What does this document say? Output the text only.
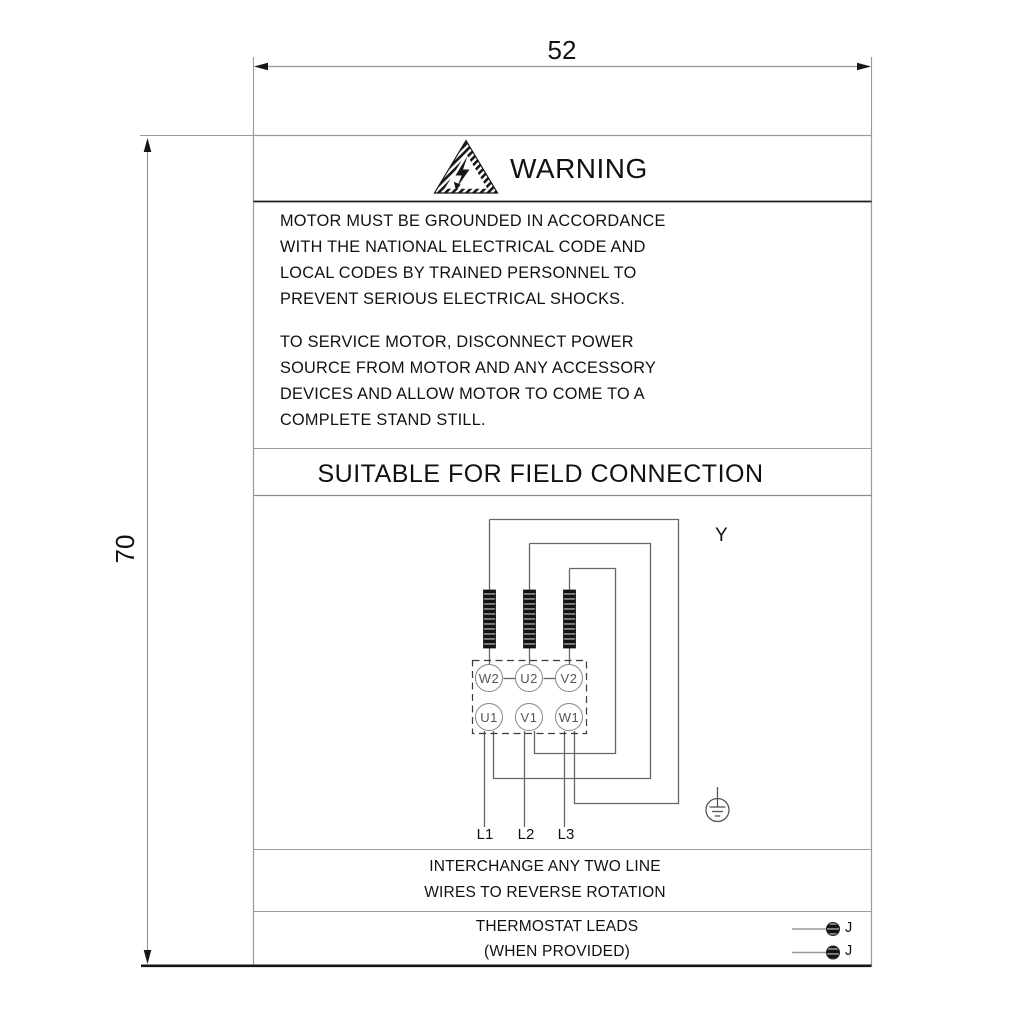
52
70
WARNING
MOTOR MUST BE GROUNDED IN ACCORDANCE
WITH THE NATIONAL ELECTRICAL CODE AND
LOCAL CODES BY TRAINED PERSONNEL TO
PREVENT SERIOUS ELECTRICAL SHOCKS.
TO SERVICE MOTOR, DISCONNECT POWER
SOURCE FROM MOTOR AND ANY ACCESSORY
DEVICES AND ALLOW MOTOR TO COME TO A
COMPLETE STAND STILL.
SUITABLE FOR FIELD CONNECTION
Y
W2 U2 V2
U1 V1 W1
L1	L2	L3
INTERCHANGE ANY TWO LINE
WIRES TO REVERSE ROTATION
THERMOSTAT LEADS
(WHEN PROVIDED)
J
J
